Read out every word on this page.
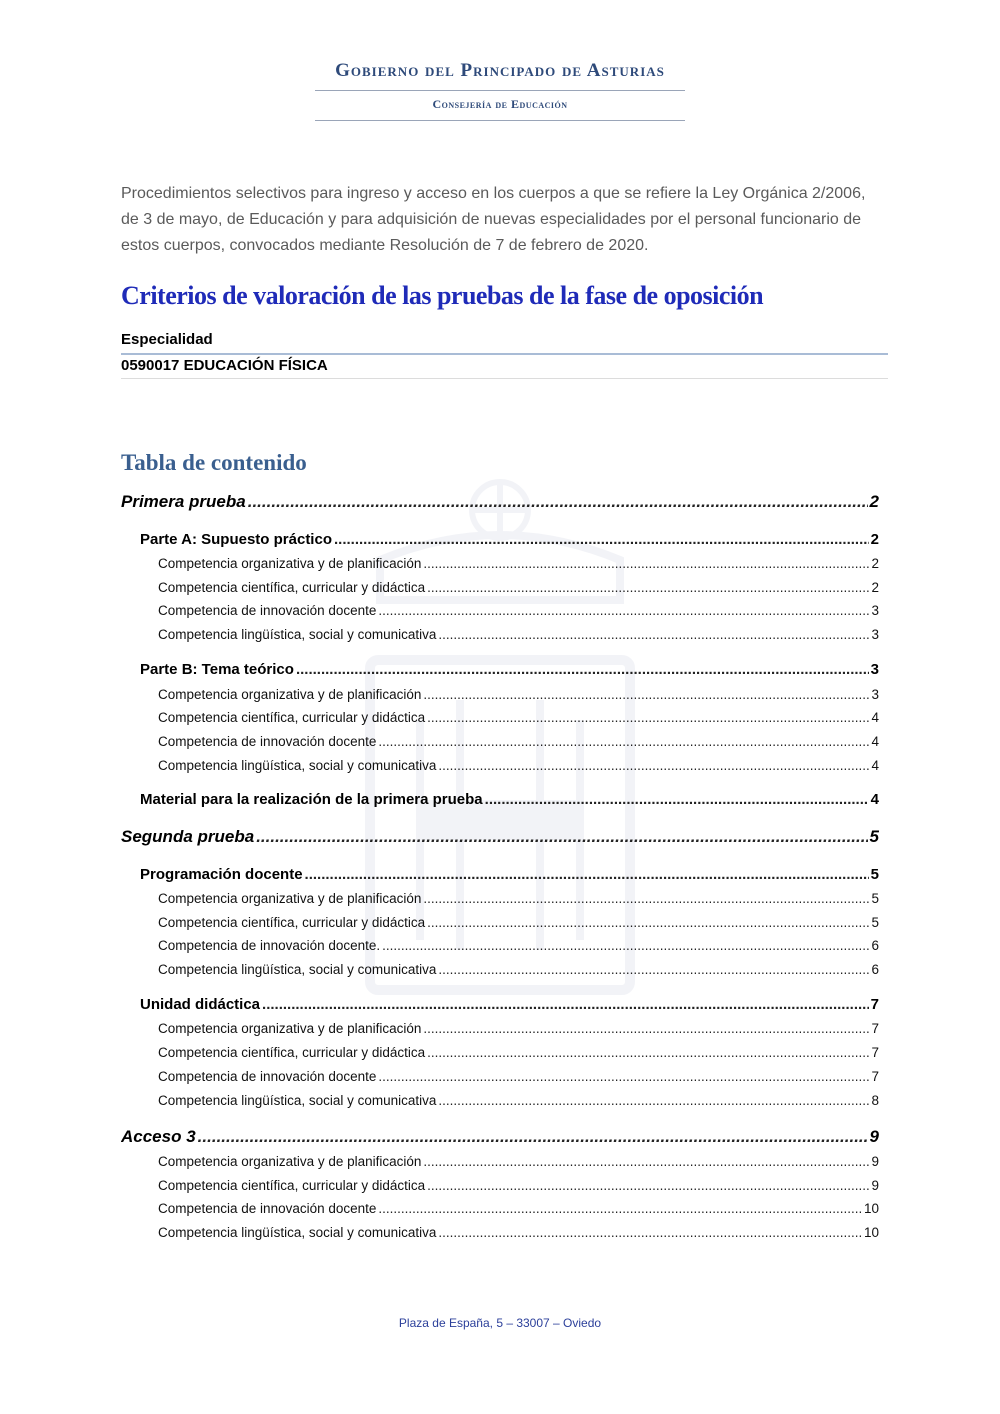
Gobierno del Principado de Asturias
Consejería de Educación

Procedimientos selectivos para ingreso y acceso en los cuerpos a que se refiere la Ley Orgánica 2/2006, de 3 de mayo, de Educación y para adquisición de nuevas especialidades por el personal funcionario de estos cuerpos, convocados mediante Resolución de 7 de febrero de 2020.

Criterios de valoración de las pruebas de la fase de oposición
Especialidad
0590017 EDUCACIÓN FÍSICA
Tabla de contenido
Primera prueba .....	2
Parte A: Supuesto práctico .....	2
Competencia organizativa y de planificación .....	2
Competencia científica, curricular y didáctica .....	2
Competencia de innovación docente .....	3
Competencia lingüística, social y comunicativa .....	3
Parte B: Tema teórico .....	3
Competencia organizativa y de planificación .....	3
Competencia científica, curricular y didáctica .....	4
Competencia de innovación docente .....	4
Competencia lingüística, social y comunicativa .....	4
Material para la realización de la primera prueba .....	4
Segunda prueba .....	5
Programación docente .....	5
Competencia organizativa y de planificación .....	5
Competencia científica, curricular y didáctica .....	5
Competencia de innovación docente. .....	6
Competencia lingüística, social y comunicativa .....	6
Unidad didáctica .....	7
Competencia organizativa y de planificación .....	7
Competencia científica, curricular y didáctica .....	7
Competencia de innovación docente .....	7
Competencia lingüística, social y comunicativa .....	8
Acceso 3 .....	9
Competencia organizativa y de planificación .....	9
Competencia científica, curricular y didáctica .....	9
Competencia de innovación docente .....	10
Competencia lingüística, social y comunicativa .....	10
Plaza de España, 5 – 33007 – Oviedo
